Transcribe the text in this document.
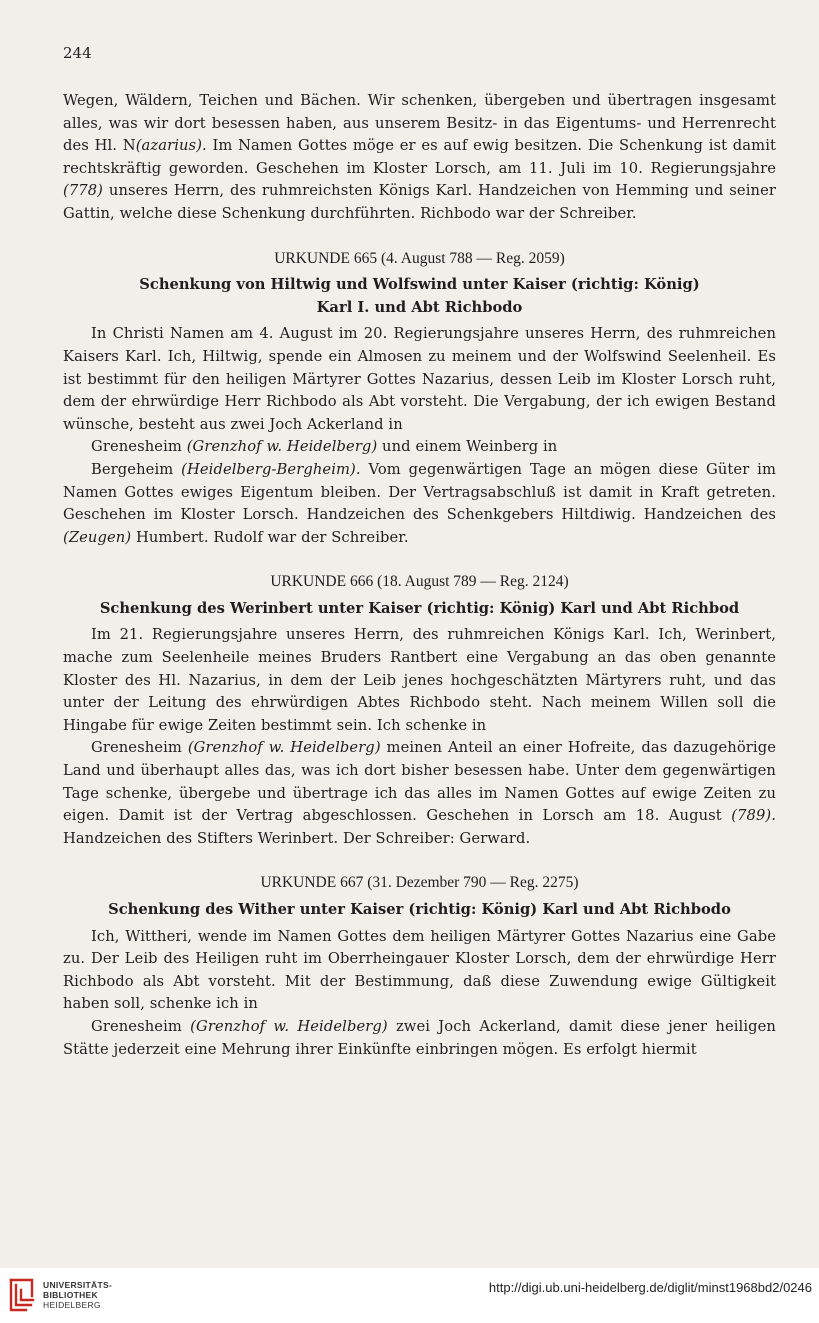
244

Wegen, Wäldern, Teichen und Bächen. Wir schenken, übergeben und übertragen insgesamt alles, was wir dort besessen haben, aus unserem Besitz- in das Eigentums- und Herrenrecht des Hl. N(azarius). Im Namen Gottes möge er es auf ewig besitzen. Die Schenkung ist damit rechtskräftig geworden. Geschehen im Kloster Lorsch, am 11. Juli im 10. Regierungsjahre (778) unseres Herrn, des ruhmreichsten Königs Karl. Handzeichen von Hemming und seiner Gattin, welche diese Schenkung durchführten. Richbodo war der Schreiber.

URKUNDE 665 (4. August 788 — Reg. 2059)

Schenkung von Hiltwig und Wolfswind unter Kaiser (richtig: König)

Karl I. und Abt Richbodo

In Christi Namen am 4. August im 20. Regierungsjahre unseres Herrn, des ruhmreichen Kaisers Karl. Ich, Hiltwig, spende ein Almosen zu meinem und der Wolfswind Seelenheil. Es ist bestimmt für den heiligen Märtyrer Gottes Nazarius, dessen Leib im Kloster Lorsch ruht, dem der ehrwürdige Herr Richbodo als Abt vorsteht. Die Vergabung, der ich ewigen Bestand wünsche, besteht aus zwei Joch Ackerland in

Grenesheim (Grenzhof w. Heidelberg) und einem Weinberg in

Bergeheim (Heidelberg-Bergheim). Vom gegenwärtigen Tage an mögen diese Güter im Namen Gottes ewiges Eigentum bleiben. Der Vertragsabschluß ist damit in Kraft getreten. Geschehen im Kloster Lorsch. Handzeichen des Schenkgebers Hiltdiwig. Handzeichen des (Zeugen) Humbert. Rudolf war der Schreiber.

URKUNDE 666 (18. August 789 — Reg. 2124)

Schenkung des Werinbert unter Kaiser (richtig: König) Karl und Abt Richbod

Im 21. Regierungsjahre unseres Herrn, des ruhmreichen Königs Karl. Ich, Werinbert, mache zum Seelenheile meines Bruders Rantbert eine Vergabung an das oben genannte Kloster des Hl. Nazarius, in dem der Leib jenes hochgeschätzten Märtyrers ruht, und das unter der Leitung des ehrwürdigen Abtes Richbodo steht. Nach meinem Willen soll die Hingabe für ewige Zeiten bestimmt sein. Ich schenke in

Grenesheim (Grenzhof w. Heidelberg) meinen Anteil an einer Hofreite, das dazugehörige Land und überhaupt alles das, was ich dort bisher besessen habe. Unter dem gegenwärtigen Tage schenke, übergebe und übertrage ich das alles im Namen Gottes auf ewige Zeiten zu eigen. Damit ist der Vertrag abgeschlossen. Geschehen in Lorsch am 18. August (789). Handzeichen des Stifters Werinbert. Der Schreiber: Gerward.

URKUNDE 667 (31. Dezember 790 — Reg. 2275)

Schenkung des Wither unter Kaiser (richtig: König) Karl und Abt Richbodo

Ich, Wittheri, wende im Namen Gottes dem heiligen Märtyrer Gottes Nazarius eine Gabe zu. Der Leib des Heiligen ruht im Oberrheingauer Kloster Lorsch, dem der ehrwürdige Herr Richbodo als Abt vorsteht. Mit der Bestimmung, daß diese Zuwendung ewige Gültigkeit haben soll, schenke ich in

Grenesheim (Grenzhof w. Heidelberg) zwei Joch Ackerland, damit diese jener heiligen Stätte jederzeit eine Mehrung ihrer Einkünfte einbringen mögen. Es erfolgt hiermit

UNIVERSITÄTS-
BIBLIOTHEK
HEIDELBERG
http://digi.ub.uni-heidelberg.de/diglit/minst1968bd2/0246
